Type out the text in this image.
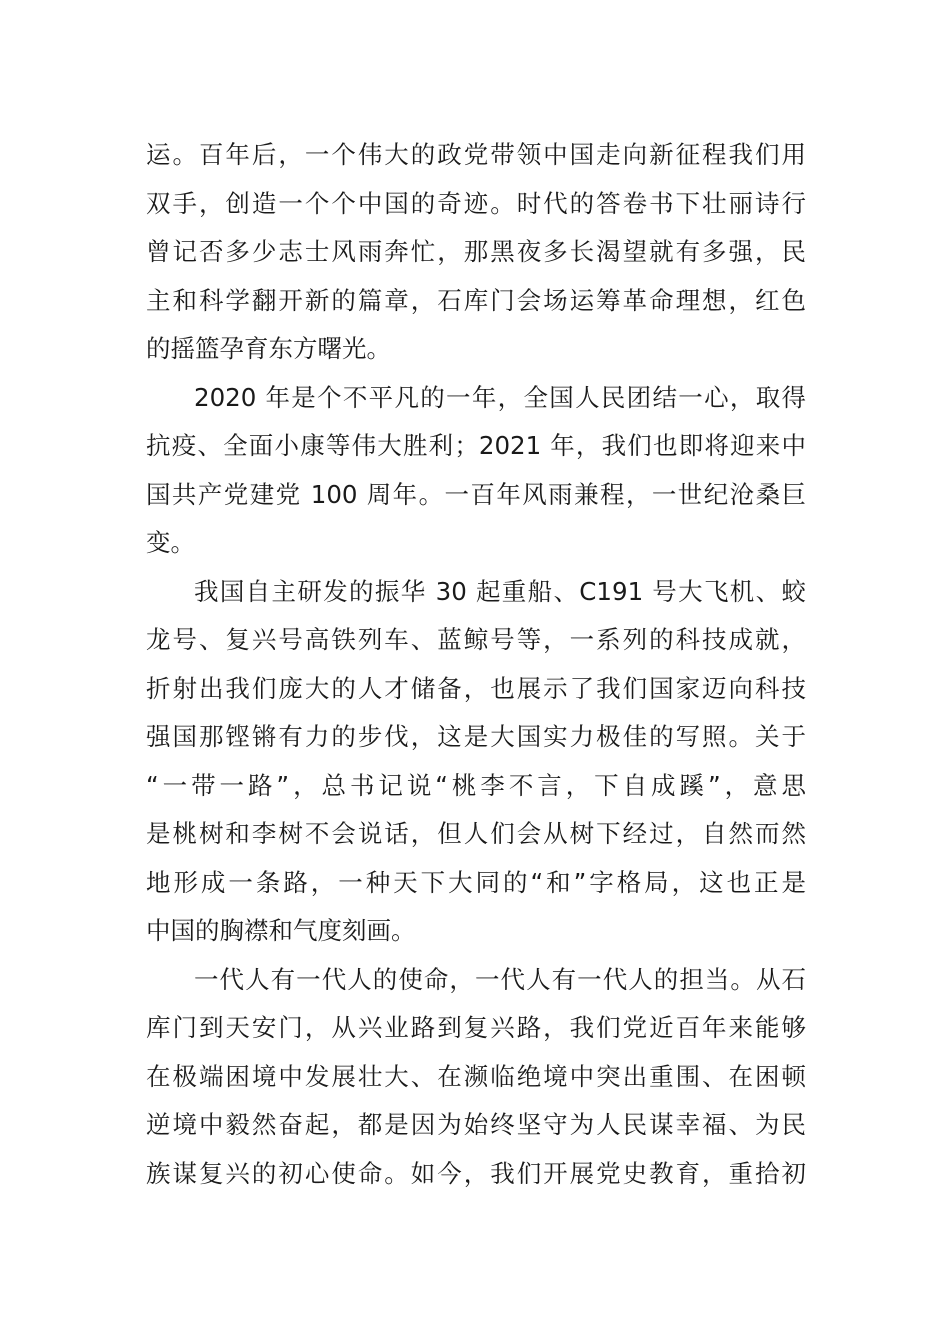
运。百年后，一个伟大的政党带领中国走向新征程我们用
双手，创造一个个中国的奇迹。时代的答卷书下壮丽诗行
曾记否多少志士风雨奔忙，那黑夜多长渴望就有多强，民
主和科学翻开新的篇章，石库门会场运筹革命理想，红色
的摇篮孕育东方曙光。
2020 年是个不平凡的一年，全国人民团结一心，取得
抗疫、全面小康等伟大胜利；2021 年，我们也即将迎来中
国共产党建党 100 周年。一百年风雨兼程，一世纪沧桑巨
变。
我国自主研发的振华 30 起重船、C191 号大飞机、蛟
龙号、复兴号高铁列车、蓝鲸号等，一系列的科技成就，
折射出我们庞大的人才储备，也展示了我们国家迈向科技
强国那铿锵有力的步伐，这是大国实力极佳的写照。关于
“一带一路”，总书记说“桃李不言，下自成蹊”，意思
是桃树和李树不会说话，但人们会从树下经过，自然而然
地形成一条路，一种天下大同的“和”字格局，这也正是
中国的胸襟和气度刻画。
一代人有一代人的使命，一代人有一代人的担当。从石
库门到天安门，从兴业路到复兴路，我们党近百年来能够
在极端困境中发展壮大、在濒临绝境中突出重围、在困顿
逆境中毅然奋起，都是因为始终坚守为人民谋幸福、为民
族谋复兴的初心使命。如今，我们开展党史教育，重拾初
